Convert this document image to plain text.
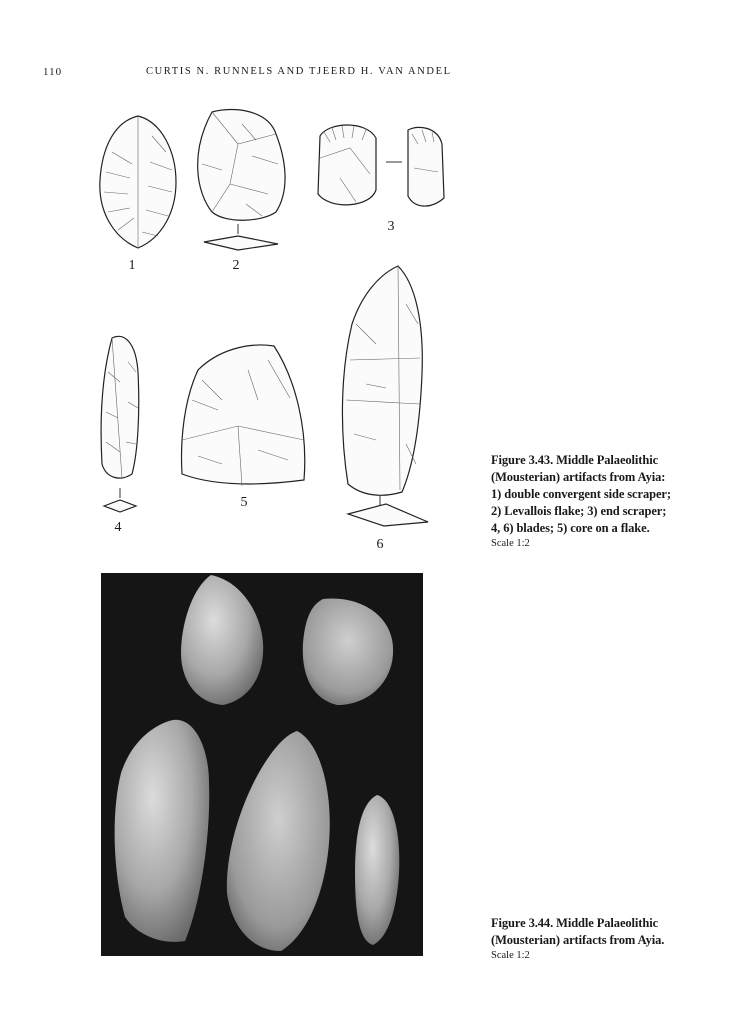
110	CURTIS N. RUNNELS AND TJEERD H. VAN ANDEL
1	2
3
4
5
6
Figure 3.43. Middle Palaeolithic
(Mousterian) artifacts from Ayia:
1) double convergent side scraper;
2) Levallois flake; 3) end scraper;
4, 6) blades; 5) core on a flake.
Scale 1:2
Figure 3.44. Middle Palaeolithic
(Mousterian) artifacts from Ayia.
Scale 1:2
